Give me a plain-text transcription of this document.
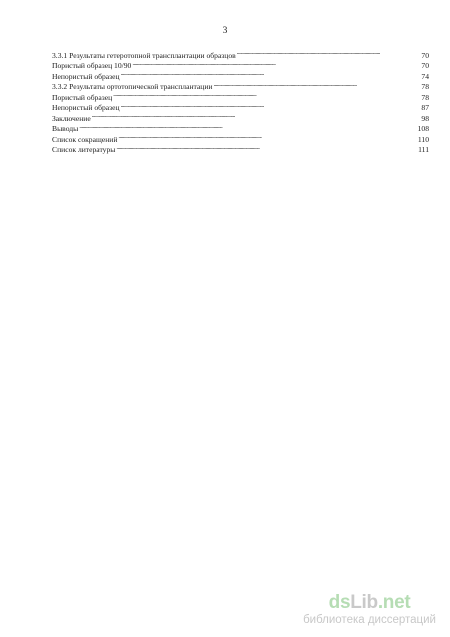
3
3.3.1 Результаты гетеротопной трансплантации образцов . . .	70
Пористый образец 10/90 . . .	70
Непористый образец . . .	74
3.3.2 Результаты ортотопической трансплантации . . .	78
Пористый образец . . .	78
Непористый образец . . .	87
Заключение . . .	98
Выводы . . .	108
Список сокращений . . .	110
Список литературы . . .	111
dsLib.net
библиотека диссертаций
